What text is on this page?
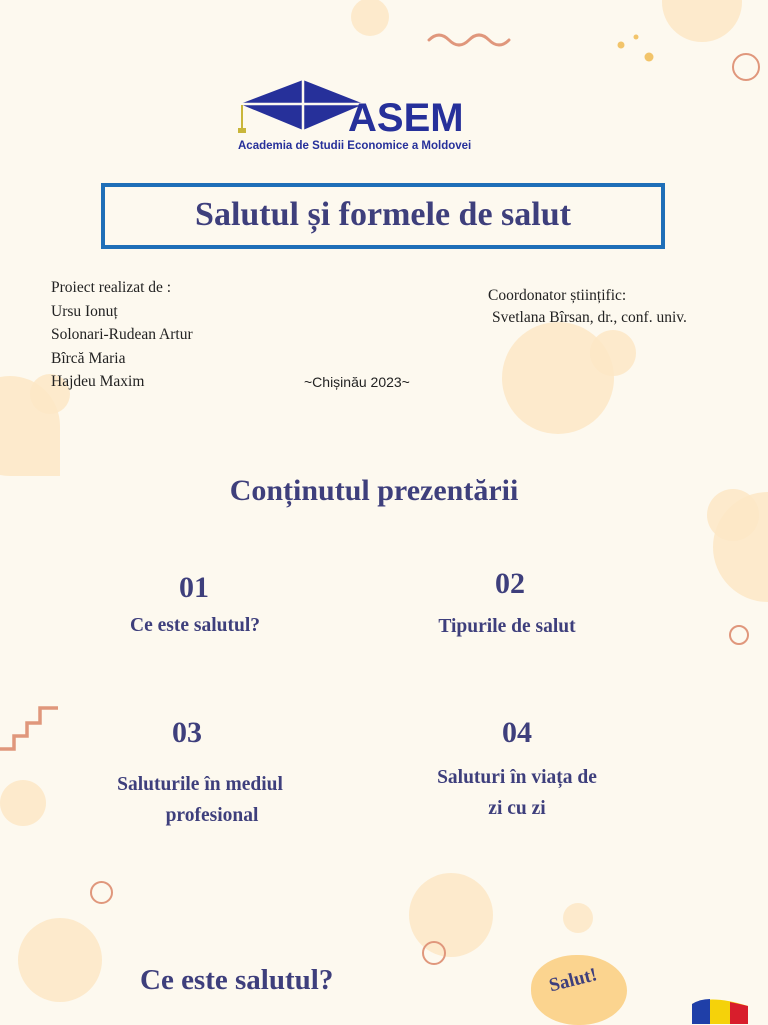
ASEM
Academia de Studii Economice a Moldovei
Salutul și formele de salut
Proiect realizat de :
Ursu Ionuț
Solonari-Rudean Artur
Bîrcă Maria
Hajdeu Maxim
Coordonator științific:
Svetlana Bîrsan, dr., conf. univ.
~Chișinău 2023~
Conținutul prezentării
01
Ce este salutul?
02
Tipurile de salut
03
Saluturile în mediul
profesional
04
Saluturi în viața de
zi cu zi
Ce este salutul?	Salut!
